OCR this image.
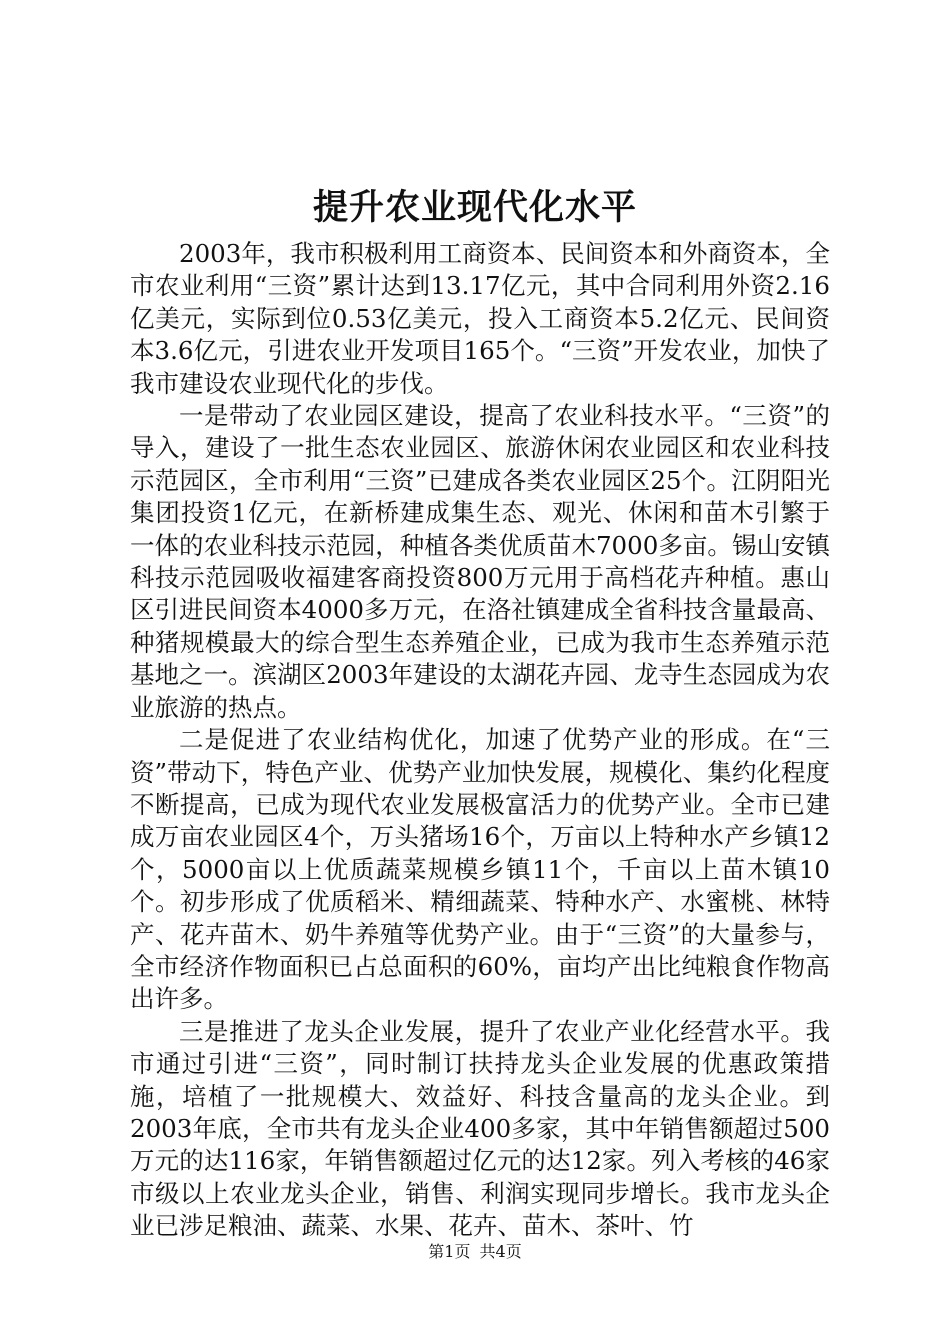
提升农业现代化水平

2003年，我市积极利用工商资本、民间资本和外商资本，全市农业利用“三资”累计达到13.17亿元，其中合同利用外资2.16亿美元，实际到位0.53亿美元，投入工商资本5.2亿元、民间资本3.6亿元，引进农业开发项目165个。“三资”开发农业，加快了我市建设农业现代化的步伐。

一是带动了农业园区建设，提高了农业科技水平。“三资”的导入，建设了一批生态农业园区、旅游休闲农业园区和农业科技示范园区，全市利用“三资”已建成各类农业园区25个。江阴阳光集团投资1亿元，在新桥建成集生态、观光、休闲和苗木引繁于一体的农业科技示范园，种植各类优质苗木7000多亩。锡山安镇科技示范园吸收福建客商投资800万元用于高档花卉种植。惠山区引进民间资本4000多万元，在洛社镇建成全省科技含量最高、种猪规模最大的综合型生态养殖企业，已成为我市生态养殖示范基地之一。滨湖区2003年建设的太湖花卉园、龙寺生态园成为农业旅游的热点。

二是促进了农业结构优化，加速了优势产业的形成。在“三资”带动下，特色产业、优势产业加快发展，规模化、集约化程度不断提高，已成为现代农业发展极富活力的优势产业。全市已建成万亩农业园区4个，万头猪场16个，万亩以上特种水产乡镇12个，5000亩以上优质蔬菜规模乡镇11个，千亩以上苗木镇10个。初步形成了优质稻米、精细蔬菜、特种水产、水蜜桃、林特产、花卉苗木、奶牛养殖等优势产业。由于“三资”的大量参与，全市经济作物面积已占总面积的60%，亩均产出比纯粮食作物高出许多。

三是推进了龙头企业发展，提升了农业产业化经营水平。我市通过引进“三资”，同时制订扶持龙头企业发展的优惠政策措施，培植了一批规模大、效益好、科技含量高的龙头企业。到2003年底，全市共有龙头企业400多家，其中年销售额超过500万元的达116家，年销售额超过亿元的达12家。列入考核的46家市级以上农业龙头企业，销售、利润实现同步增长。我市龙头企业已涉足粮油、蔬菜、水果、花卉、苗木、茶叶、竹

第1页 共4页
